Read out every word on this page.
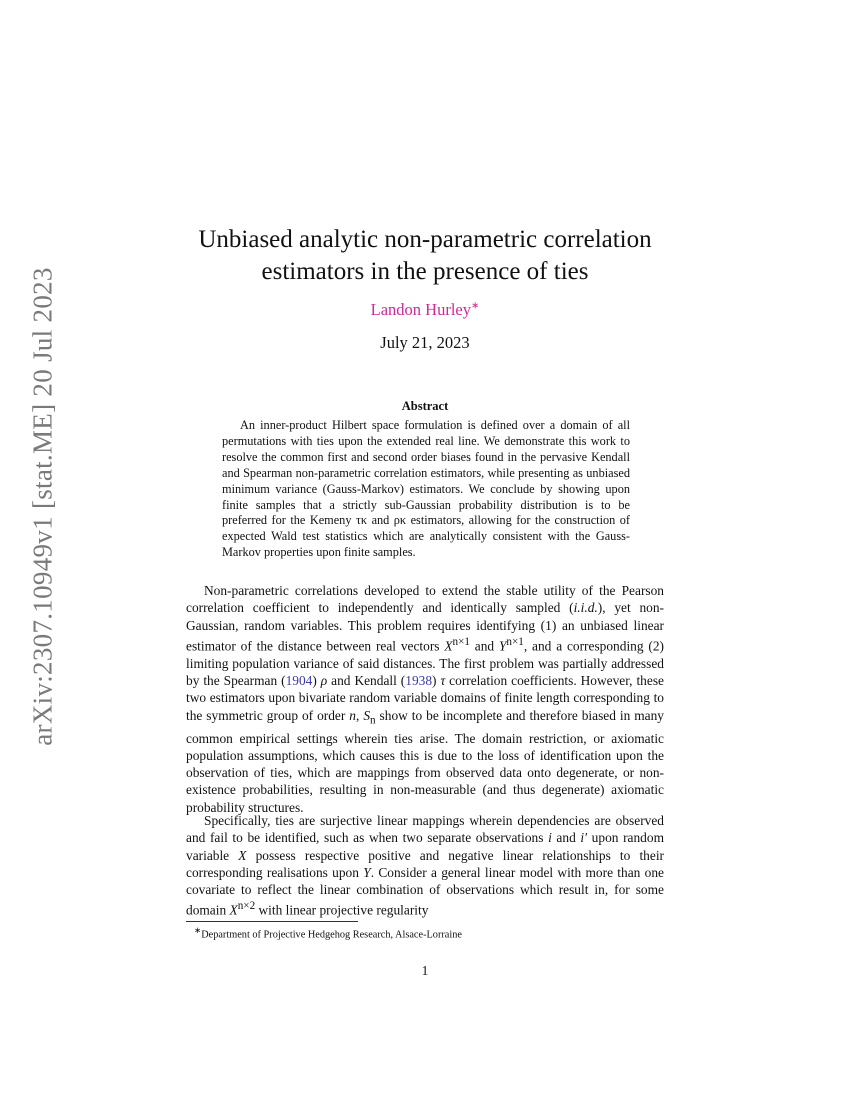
arXiv:2307.10949v1 [stat.ME] 20 Jul 2023
Unbiased analytic non-parametric correlation
estimators in the presence of ties
Landon Hurley∗
July 21, 2023
Abstract

An inner-product Hilbert space formulation is defined over a domain of all permutations with ties upon the extended real line. We demonstrate this work to resolve the common first and second order biases found in the pervasive Kendall and Spearman non-parametric correlation estimators, while presenting as unbiased minimum variance (Gauss-Markov) estimators. We conclude by showing upon finite samples that a strictly sub-Gaussian probability distribution is to be preferred for the Kemeny τκ and ρκ estimators, allowing for the construction of expected Wald test statistics which are analytically consistent with the Gauss-Markov properties upon finite samples.

Non-parametric correlations developed to extend the stable utility of the Pearson correlation coefficient to independently and identically sampled (i.i.d.), yet non-Gaussian, random variables. This problem requires identifying (1) an unbiased linear estimator of the distance between real vectors $X^{n\times 1}$ and $Y^{n\times 1}$, and a corresponding (2) limiting population variance of said distances. The first problem was partially addressed by the Spearman (1904) ρ and Kendall (1938) τ correlation coefficients. However, these two estimators upon bivariate random variable domains of finite length corresponding to the symmetric group of order n, $S_n$ show to be incomplete and therefore biased in many common empirical settings wherein ties arise. The domain restriction, or axiomatic population assumptions, which causes this is due to the loss of identification upon the observation of ties, which are mappings from observed data onto degenerate, or non-existence probabilities, resulting in non-measurable (and thus degenerate) axiomatic probability structures.

Specifically, ties are surjective linear mappings wherein dependencies are observed and fail to be identified, such as when two separate observations i and i′ upon random variable X possess respective positive and negative linear relationships to their corresponding realisations upon Y. Consider a general linear model with more than one covariate to reflect the linear combination of observations which result in, for some domain $X^{n\times 2}$ with linear projective regularity

∗Department of Projective Hedgehog Research, Alsace-Lorraine
1
